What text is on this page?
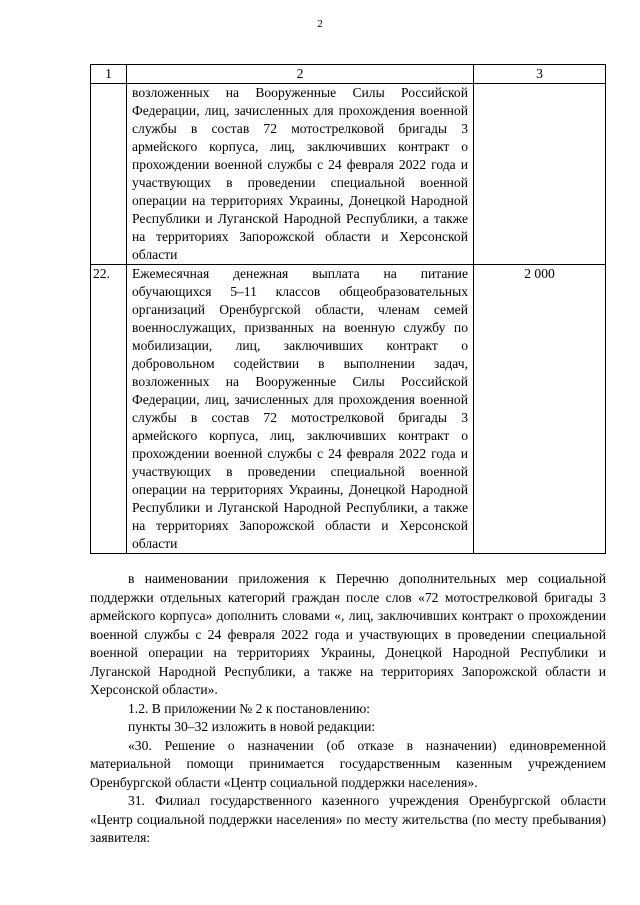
2
1	2	3
	возложенных на Вооруженные Силы Российской Федерации, лиц, зачисленных для прохождения военной службы в состав 72 мотострелковой бригады 3 армейского корпуса, лиц, заключивших контракт о прохождении военной службы с 24 февраля 2022 года и участвующих в проведении специальной военной операции на территориях Украины, Донецкой Народной Республики и Луганской Народной Республики, а также на территориях Запорожской области и Херсонской области	
22.	Ежемесячная денежная выплата на питание обучающихся 5–11 классов общеобразовательных организаций Оренбургской области, членам семей военнослужащих, призванных на военную службу по мобилизации, лиц, заключивших контракт о добровольном содействии в выполнении задач, возложенных на Вооруженные Силы Российской Федерации, лиц, зачисленных для прохождения военной службы в состав 72 мотострелковой бригады 3 армейского корпуса, лиц, заключивших контракт о прохождении военной службы с 24 февраля 2022 года и участвующих в проведении специальной военной операции на территориях Украины, Донецкой Народной Республики и Луганской Народной Республики, а также на территориях Запорожской области и Херсонской области	2 000

в наименовании приложения к Перечню дополнительных мер социальной поддержки отдельных категорий граждан после слов «72 мотострелковой бригады 3 армейского корпуса» дополнить словами «, лиц, заключивших контракт о прохождении военной службы с 24 февраля 2022 года и участвующих в проведении специальной военной операции на территориях Украины, Донецкой Народной Республики и Луганской Народной Республики, а также на территориях Запорожской области и Херсонской области».

1.2. В приложении № 2 к постановлению:

пункты 30–32 изложить в новой редакции:

«30. Решение о назначении (об отказе в назначении) единовременной материальной помощи принимается государственным казенным учреждением Оренбургской области «Центр социальной поддержки населения».

31. Филиал государственного казенного учреждения Оренбургской области «Центр социальной поддержки населения» по месту жительства (по месту пребывания) заявителя:
